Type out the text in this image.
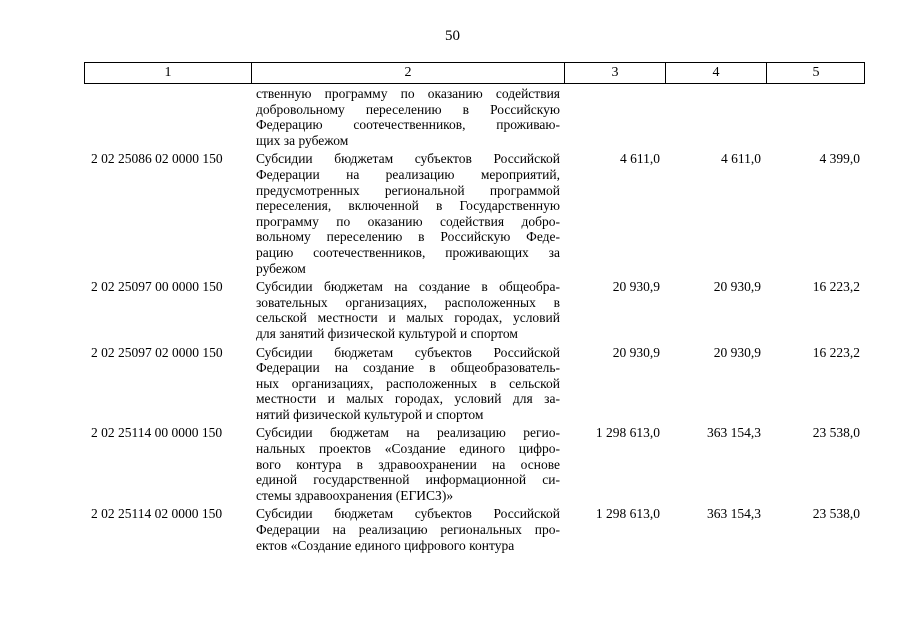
50
1	2	3	4	5
ственную программу по оказанию содействия
добровольному переселению в Российскую
Федерацию соотечественников, проживаю-
щих за рубежом
2 02 25086 02 0000 150	Субсидии бюджетам субъектов Российской
Федерации на реализацию мероприятий,
предусмотренных региональной программой
переселения, включенной в Государственную
программу по оказанию содействия добро-
вольному переселению в Российскую Феде-
рацию соотечественников, проживающих за
рубежом
4 611,0	4 611,0	4 399,0
2 02 25097 00 0000 150	Субсидии бюджетам на создание в общеобра-
зовательных организациях, расположенных в
сельской местности и малых городах, условий
для занятий физической культурой и спортом
20 930,9	20 930,9	16 223,2
2 02 25097 02 0000 150	Субсидии бюджетам субъектов Российской
Федерации на создание в общеобразователь-
ных организациях, расположенных в сельской
местности и малых городах, условий для за-
нятий физической культурой и спортом
20 930,9	20 930,9	16 223,2
2 02 25114 00 0000 150	Субсидии бюджетам на реализацию регио-
нальных проектов «Создание единого цифро-
вого контура в здравоохранении на основе
единой государственной информационной си-
стемы здравоохранения (ЕГИСЗ)»
1 298 613,0	363 154,3	23 538,0
2 02 25114 02 0000 150	Субсидии бюджетам субъектов Российской
Федерации на реализацию региональных про-
ектов «Создание единого цифрового контура
1 298 613,0	363 154,3	23 538,0
